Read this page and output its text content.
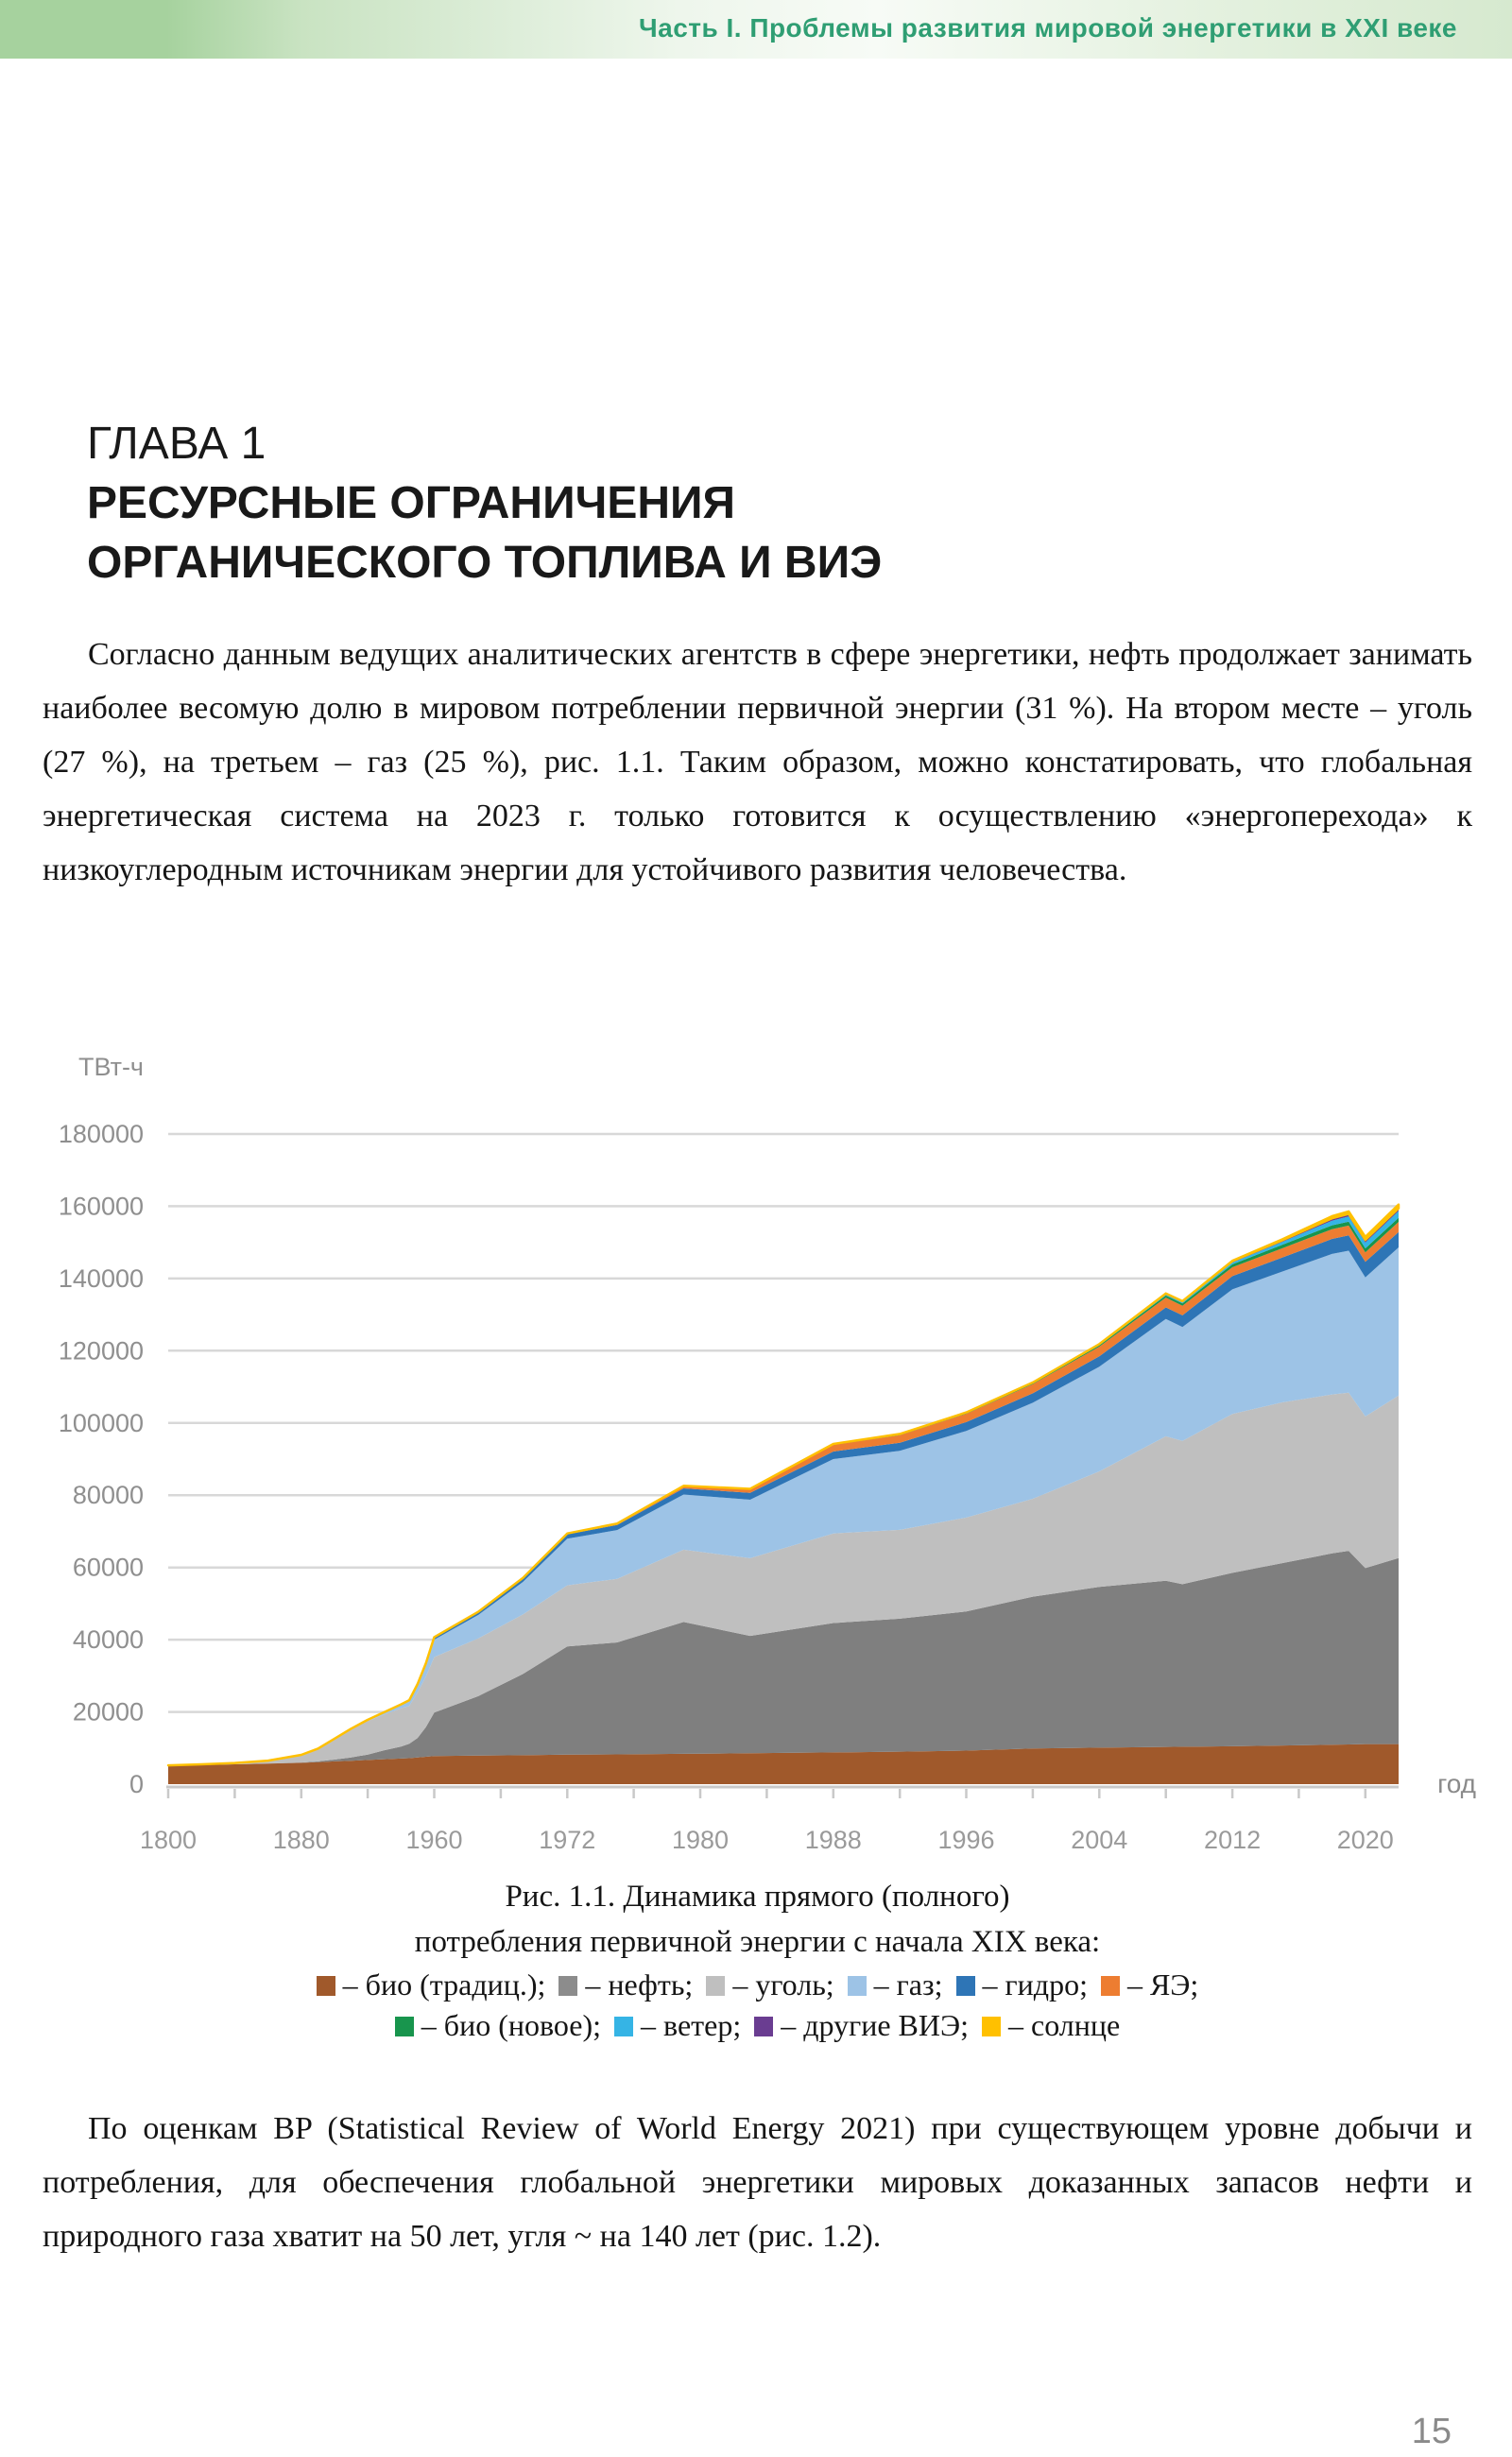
Часть I. Проблемы развития мировой энергетики в XXI веке
ГЛАВА 1
РЕСУРСНЫЕ ОГРАНИЧЕНИЯ
ОРГАНИЧЕСКОГО ТОПЛИВА И ВИЭ

Согласно данным ведущих аналитических агентств в сфере энергетики, нефть продолжает занимать наиболее весомую долю в мировом потреблении первичной энергии (31 %). На втором месте – уголь (27 %), на третьем – газ (25 %), рис. 1.1. Таким образом, можно констатировать, что глобальная энергетическая система на 2023 г. только готовится к осуществлению «энергоперехода» к низкоуглеродным источникам энергии для устойчивого развития человечества.

0
20000
40000
60000
80000
100000
120000
140000
160000
180000
ТВт-ч
1800	1880	1960	1972	1980	1988	1996	2004	2012	2020
год
Рис. 1.1. Динамика прямого (полного)
потребления первичной энергии с начала XIX века:
– био (традиц.); – нефть; – уголь; – газ; – гидро; – ЯЭ;
– био (новое); – ветер; – другие ВИЭ; – солнце

По оценкам BP (Statistical Review of World Energy 2021) при существующем уровне добычи и потребления, для обеспечения глобальной энергетики мировых доказанных запасов нефти и природного газа хватит на 50 лет, угля ~ на 140 лет (рис. 1.2).

15
